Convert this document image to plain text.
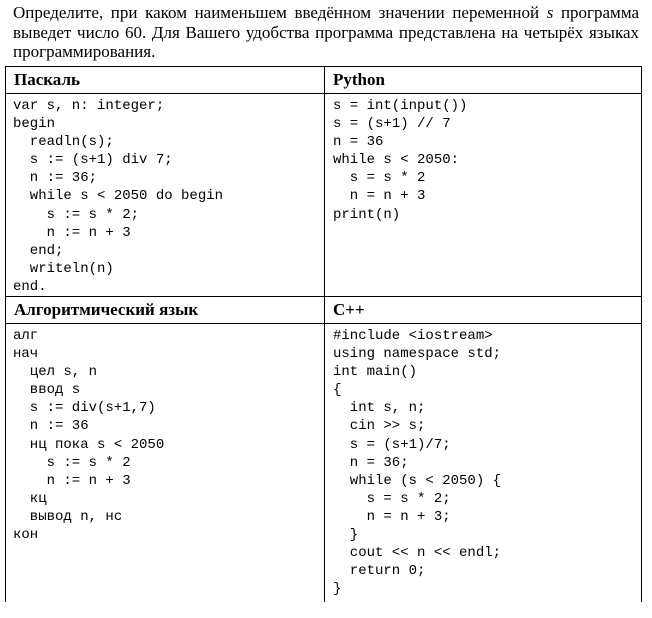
Определите, при каком наименьшем введённом значении переменной s программа выведет число 60. Для Вашего удобства программа представлена на четырёх языках программирования.
Паскаль	Python
var s, n: integer;
begin
readln(s);
s := (s+1) div 7;
n := 36;
while s < 2050 do begin
s := s * 2;
n := n + 3
end;
writeln(n)
end.
s = int(input())
s = (s+1) // 7
n = 36
while s < 2050:
s = s * 2
n = n + 3
print(n)
Алгоритмический язык	C++
алг
нач
цел s, n
ввод s
s := div(s+1,7)
n := 36
нц пока s < 2050
s := s * 2
n := n + 3
кц
вывод n, нс
кон
#include <iostream>
using namespace std;
int main()
{
int s, n;
cin >> s;
s = (s+1)/7;
n = 36;
while (s < 2050) {
s = s * 2;
n = n + 3;
}
cout << n << endl;
return 0;
}
